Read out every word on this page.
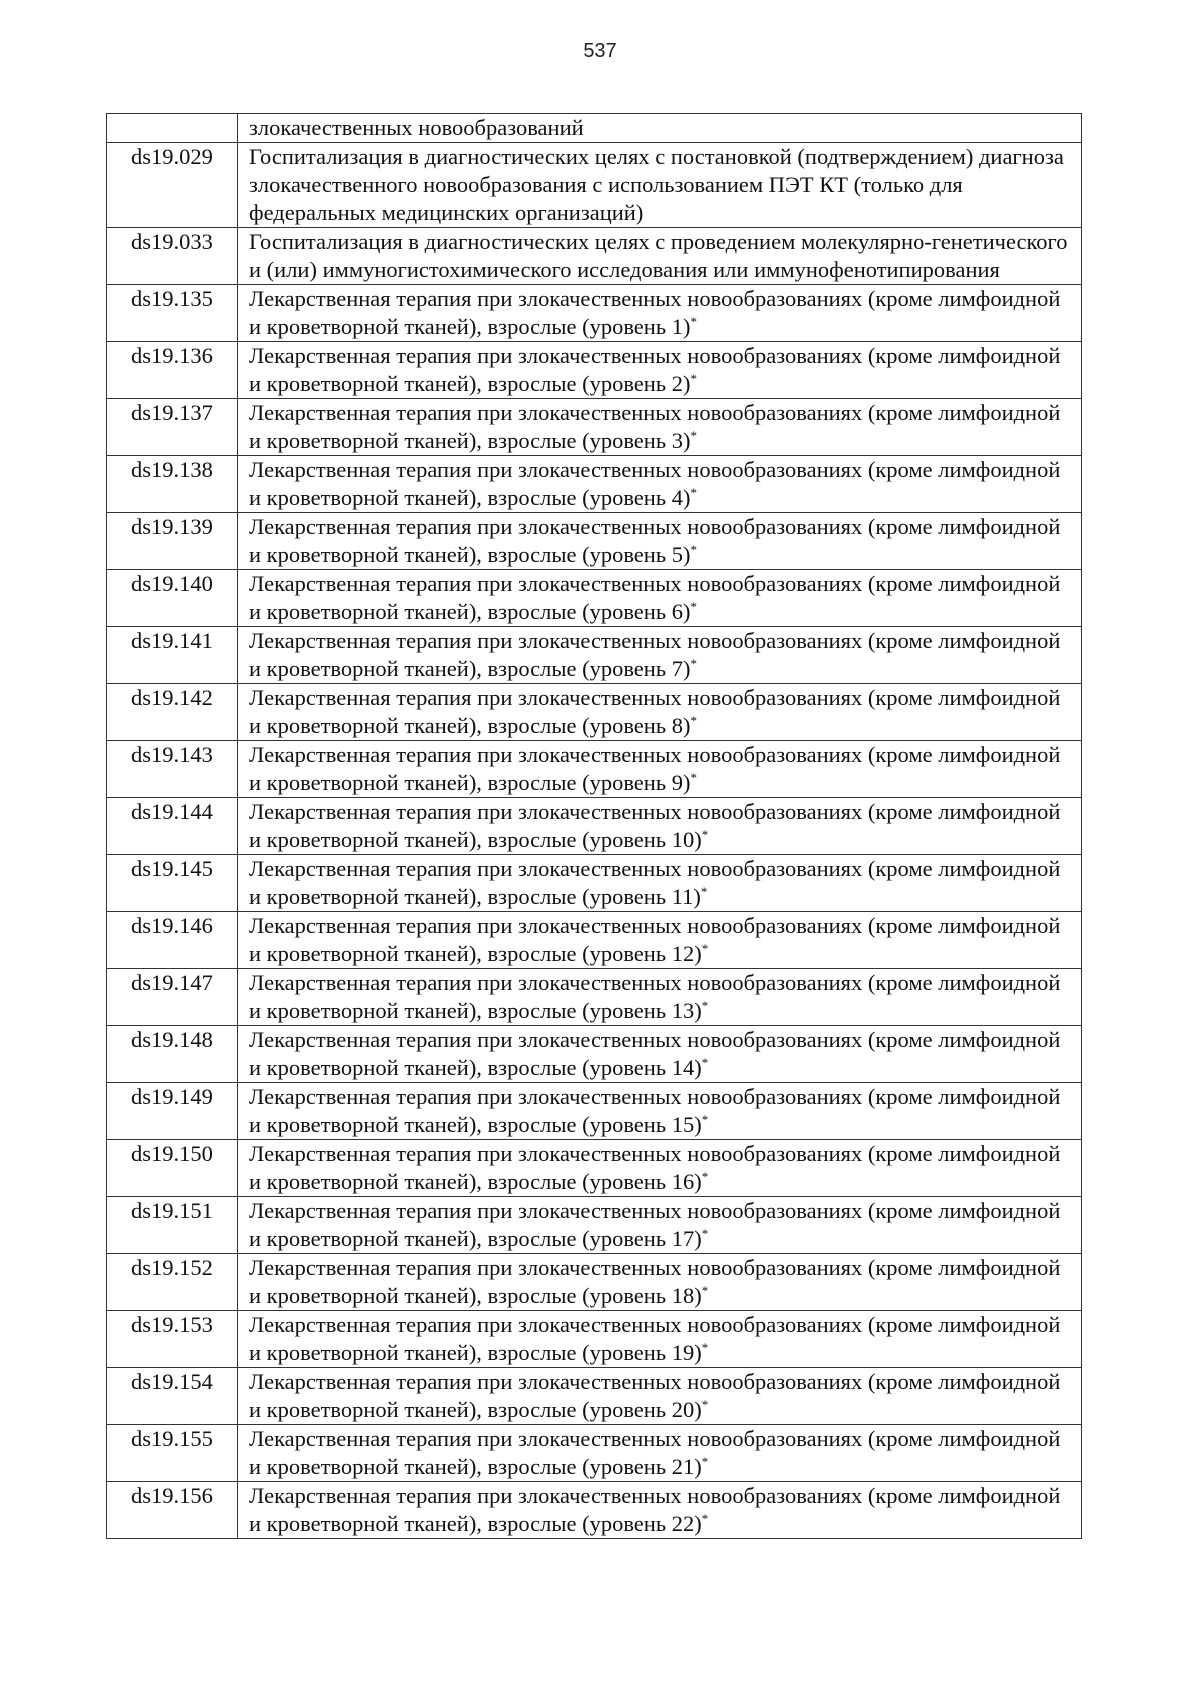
537
	злокачественных новообразований
ds19.029	Госпитализация в диагностических целях с постановкой (подтверждением) диагноза злокачественного новообразования с использованием ПЭТ КТ (только для федеральных медицинских организаций)
ds19.033	Госпитализация в диагностических целях с проведением молекулярно-генетического и (или) иммуногистохимического исследования или иммунофенотипирования
ds19.135	Лекарственная терапия при злокачественных новообразованиях (кроме лимфоидной и кроветворной тканей), взрослые (уровень 1)*
ds19.136	Лекарственная терапия при злокачественных новообразованиях (кроме лимфоидной и кроветворной тканей), взрослые (уровень 2)*
ds19.137	Лекарственная терапия при злокачественных новообразованиях (кроме лимфоидной и кроветворной тканей), взрослые (уровень 3)*
ds19.138	Лекарственная терапия при злокачественных новообразованиях (кроме лимфоидной и кроветворной тканей), взрослые (уровень 4)*
ds19.139	Лекарственная терапия при злокачественных новообразованиях (кроме лимфоидной и кроветворной тканей), взрослые (уровень 5)*
ds19.140	Лекарственная терапия при злокачественных новообразованиях (кроме лимфоидной и кроветворной тканей), взрослые (уровень 6)*
ds19.141	Лекарственная терапия при злокачественных новообразованиях (кроме лимфоидной и кроветворной тканей), взрослые (уровень 7)*
ds19.142	Лекарственная терапия при злокачественных новообразованиях (кроме лимфоидной и кроветворной тканей), взрослые (уровень 8)*
ds19.143	Лекарственная терапия при злокачественных новообразованиях (кроме лимфоидной и кроветворной тканей), взрослые (уровень 9)*
ds19.144	Лекарственная терапия при злокачественных новообразованиях (кроме лимфоидной и кроветворной тканей), взрослые (уровень 10)*
ds19.145	Лекарственная терапия при злокачественных новообразованиях (кроме лимфоидной и кроветворной тканей), взрослые (уровень 11)*
ds19.146	Лекарственная терапия при злокачественных новообразованиях (кроме лимфоидной и кроветворной тканей), взрослые (уровень 12)*
ds19.147	Лекарственная терапия при злокачественных новообразованиях (кроме лимфоидной и кроветворной тканей), взрослые (уровень 13)*
ds19.148	Лекарственная терапия при злокачественных новообразованиях (кроме лимфоидной и кроветворной тканей), взрослые (уровень 14)*
ds19.149	Лекарственная терапия при злокачественных новообразованиях (кроме лимфоидной и кроветворной тканей), взрослые (уровень 15)*
ds19.150	Лекарственная терапия при злокачественных новообразованиях (кроме лимфоидной и кроветворной тканей), взрослые (уровень 16)*
ds19.151	Лекарственная терапия при злокачественных новообразованиях (кроме лимфоидной и кроветворной тканей), взрослые (уровень 17)*
ds19.152	Лекарственная терапия при злокачественных новообразованиях (кроме лимфоидной и кроветворной тканей), взрослые (уровень 18)*
ds19.153	Лекарственная терапия при злокачественных новообразованиях (кроме лимфоидной и кроветворной тканей), взрослые (уровень 19)*
ds19.154	Лекарственная терапия при злокачественных новообразованиях (кроме лимфоидной и кроветворной тканей), взрослые (уровень 20)*
ds19.155	Лекарственная терапия при злокачественных новообразованиях (кроме лимфоидной и кроветворной тканей), взрослые (уровень 21)*
ds19.156	Лекарственная терапия при злокачественных новообразованиях (кроме лимфоидной и кроветворной тканей), взрослые (уровень 22)*
